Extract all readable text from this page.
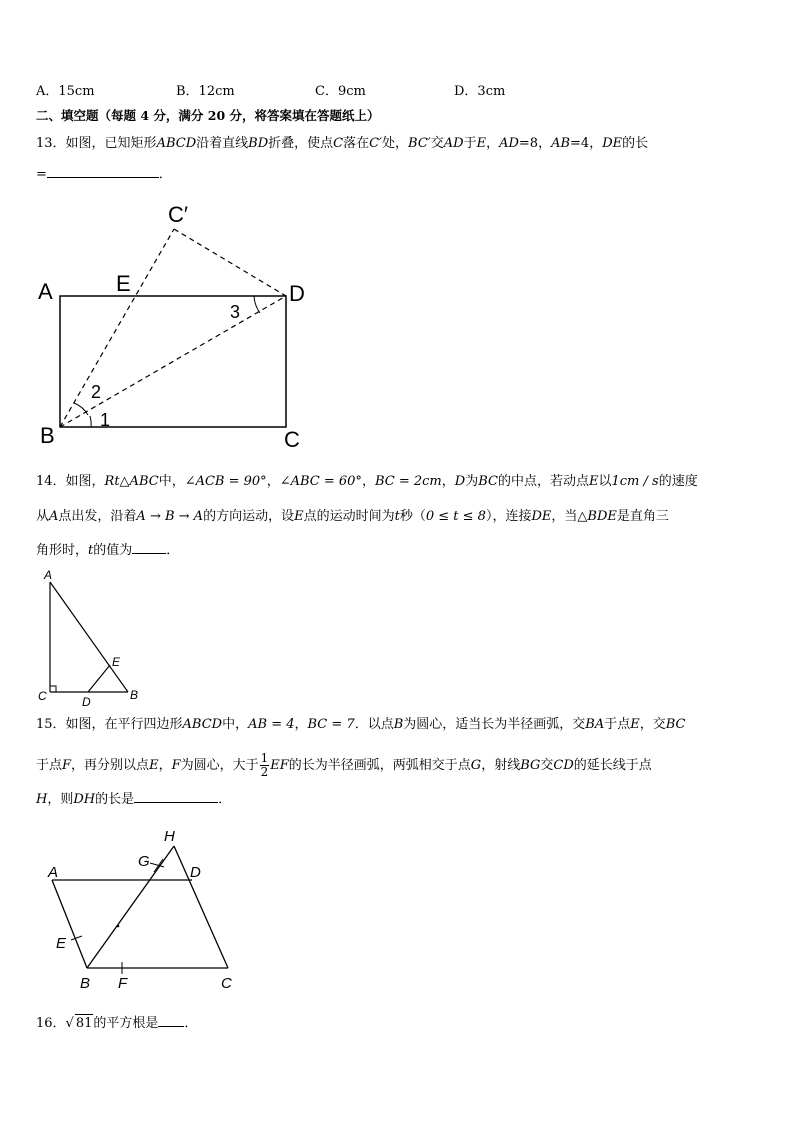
A．15cm	B．12cm	C．9cm	D．3cm
二、填空题（每题 4 分，满分 20 分，将答案填在答题纸上）
13．如图，已知矩形ABCD沿着直线BD折叠，使点C落在C′处，BC′交AD于E，AD=8，AB=4，DE的长
=	．
A	E
C′
D
B	C
3
2
1
14．如图，Rt△ABC中，∠ACB = 90°，∠ABC = 60°，BC = 2cm，D为BC的中点，若动点E以1cm / s的速度
从A点出发，沿着A → B → A的方向运动，设E点的运动时间为t秒（0 ≤ t ≤ 8），连接DE，当△BDE是直角三
角形时，t的值为	．
A
C	B
D
E
15．如图，在平行四边形ABCD中，AB = 4，BC = 7．以点B为圆心，适当长为半径画弧，交BA于点E，交BC
于点F，再分别以点E，F为圆心，大于 $\frac{1}{2}$ EF的长为半径画弧，两弧相交于点G，射线BG交CD的延长线于点
H，则DH的长是	．
A	D
H
G
E
B F	C
16．√ 81的平方根是 ．
